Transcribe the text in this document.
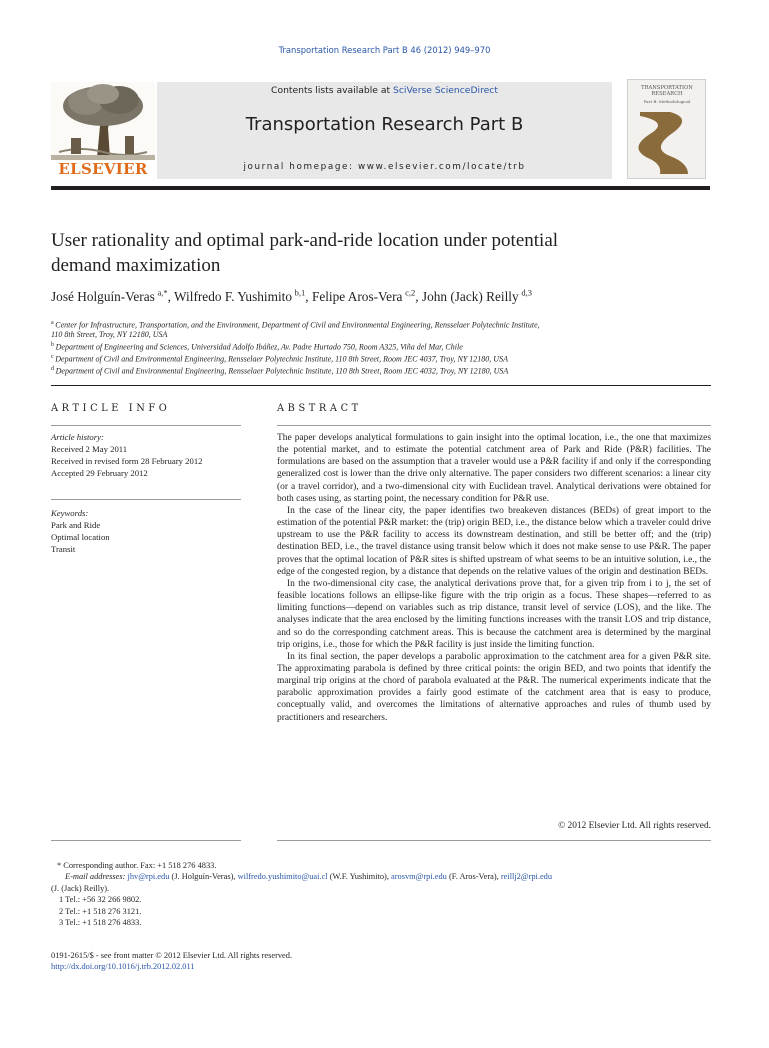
Transportation Research Part B 46 (2012) 949–970
ELSEVIER
Contents lists available at SciVerse ScienceDirect
Transportation Research Part B
journal homepage: www.elsevier.com/locate/trb
TRANSPORTATION RESEARCH
Part B: Methodological
User rationality and optimal park-and-ride location under potential
demand maximization
José Holguín-Veras  $^{a,*}$, Wilfredo F. Yushimito  $^{b,1}$, Felipe Aros-Vera  $^{c,2}$, John (Jack) Reilly  $^{d,3}$
$^a$  Center for Infrastructure, Transportation, and the Environment, Department of Civil and Environmental Engineering, Rensselaer Polytechnic Institute,
110 8th Street, Troy, NY 12180, USA
$^b$  Department of Engineering and Sciences, Universidad Adolfo Ibáñez, Av. Padre Hurtado 750, Room A325, Viña del Mar, Chile
$^c$  Department of Civil and Environmental Engineering, Rensselaer Polytechnic Institute, 110 8th Street, Room JEC 4037, Troy, NY 12180, USA
$^d$  Department of Civil and Environmental Engineering, Rensselaer Polytechnic Institute, 110 8th Street, Room JEC 4032, Troy, NY 12180, USA
ARTICLE INFO
Article history:
Received 2 May 2011
Received in revised form 28 February 2012
Accepted 29 February 2012
Keywords:
Park and Ride
Optimal location
Transit
ABSTRACT

The paper develops analytical formulations to gain insight into the optimal location, i.e., the one that maximizes the potential market, and to estimate the potential catchment area of Park and Ride (P&R) facilities. The formulations are based on the assumption that a traveler would use a P&R facility if and only if the corresponding generalized cost is lower than the drive only alternative. The paper considers two different scenarios: a linear city (or a travel corridor), and a two-dimensional city with Euclidean travel. Analytical derivations were obtained for both cases using, as starting point, the necessary condition for P&R use.

In the case of the linear city, the paper identifies two breakeven distances (BEDs) of great import to the estimation of the potential P&R market: the (trip) origin BED, i.e., the distance below which a traveler could drive upstream to use the P&R facility to access its downstream destination, and still be better off; and the (trip) destination BED, i.e., the travel distance using transit below which it does not make sense to use P&R. The paper proves that the optimal location of P&R sites is shifted upstream of what seems to be an intuitive solution, i.e., the edge of the congested region, by a distance that depends on the relative values of the origin and destination BEDs.

In the two-dimensional city case, the analytical derivations prove that, for a given trip from i to j, the set of feasible locations follows an ellipse-like figure with the trip origin as a focus. These shapes—referred to as limiting functions—depend on variables such as trip distance, transit level of service (LOS), and the like. The analyses indicate that the area enclosed by the limiting functions increases with the transit LOS and trip distance, and so do the corresponding catchment areas. This is because the catchment area is determined by the marginal trip origins, i.e., those for which the P&R facility is just inside the limiting function.

In its final section, the paper develops a parabolic approximation to the catchment area for a given P&R site. The approximating parabola is defined by three critical points: the origin BED, and two points that identify the marginal trip origins at the chord of parabola evaluated at the P&R. The numerical experiments indicate that the parabolic approximation provides a fairly good estimate of the catchment area that is easy to produce, conceptually valid, and overcomes the limitations of alternative approaches and rules of thumb used by practitioners and researchers.

© 2012 Elsevier Ltd. All rights reserved.

* Corresponding author. Fax: +1 518 276 4833.

E-mail addresses: jhv@rpi.edu (J. Holguín-Veras), wilfredo.yushimito@uai.cl (W.F. Yushimito), arosvm@rpi.edu (F. Aros-Vera), reillj2@rpi.edu

(J. (Jack) Reilly).

1 Tel.: +56 32 266 9802.

2 Tel.: +1 518 276 3121.

3 Tel.: +1 518 276 4833.

0191-2615/$ - see front matter © 2012 Elsevier Ltd. All rights reserved.

http://dx.doi.org/10.1016/j.trb.2012.02.011
